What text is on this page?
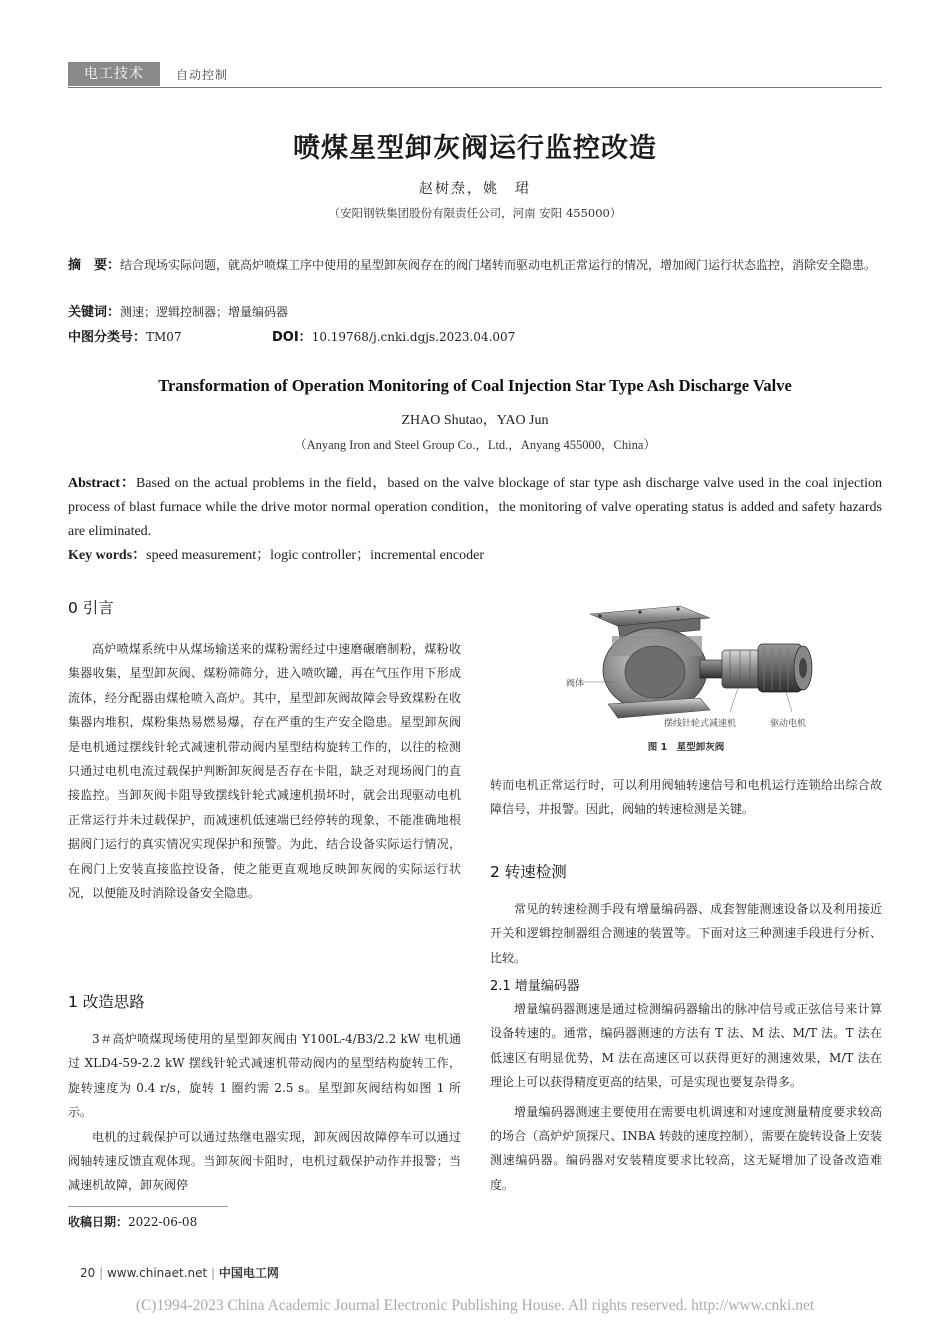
电工技术	自动控制
喷煤星型卸灰阀运行监控改造
赵树焘，姚　珺
（安阳钢铁集团股份有限责任公司，河南 安阳 455000）
摘　要：结合现场实际问题，就高炉喷煤工序中使用的星型卸灰阀存在的阀门堵转而驱动电机正常运行的情况，增加阀门运行状态监控，消除安全隐患。
关键词：测速；逻辑控制器；增量编码器
中图分类号：TM07	DOI：10.19768/j.cnki.dgjs.2023.04.007
Transformation of Operation Monitoring of Coal Injection Star Type Ash Discharge Valve
ZHAO Shutao，YAO Jun
（Anyang Iron and Steel Group Co.，Ltd.，Anyang 455000，China）
Abstract：Based on the actual problems in the field，based on the valve blockage of star type ash discharge valve used in the coal injection process of blast furnace while the drive motor normal operation condition，the monitoring of valve operating status is added and safety hazards are eliminated.
Key words：speed measurement；logic controller；incremental encoder
0 引言

高炉喷煤系统中从煤场输送来的煤粉需经过中速磨碾磨制粉，煤粉收集器收集，星型卸灰阀、煤粉筛筛分，进入喷吹罐，再在气压作用下形成流体，经分配器由煤枪喷入高炉。其中，星型卸灰阀故障会导致煤粉在收集器内堆积，煤粉集热易燃易爆，存在严重的生产安全隐患。星型卸灰阀是电机通过摆线针轮式减速机带动阀内星型结构旋转工作的，以往的检测只通过电机电流过载保护判断卸灰阀是否存在卡阻，缺乏对现场阀门的直接监控。当卸灰阀卡阻导致摆线针轮式减速机损坏时，就会出现驱动电机正常运行并未过载保护，而减速机低速端已经停转的现象，不能准确地根据阀门运行的真实情况实现保护和预警。为此，结合设备实际运行情况，在阀门上安装直接监控设备，使之能更直观地反映卸灰阀的实际运行状况，以便能及时消除设备安全隐患。

1 改造思路

3＃高炉喷煤现场使用的星型卸灰阀由 Y100L-4/B3/2.2 kW 电机通过 XLD4-59-2.2 kW 摆线针轮式减速机带动阀内的星型结构旋转工作，旋转速度为 0.4 r/s，旋转 1 圈约需 2.5 s。星型卸灰阀结构如图 1 所示。

电机的过载保护可以通过热继电器实现，卸灰阀因故障停车可以通过阀轴转速反馈直观体现。当卸灰阀卡阻时，电机过载保护动作并报警；当减速机故障，卸灰阀停

收稿日期：2022-06-08
阀体
摆线针轮式减速机	驱动电机
图 1　星型卸灰阀

转而电机正常运行时，可以利用阀轴转速信号和电机运行连锁给出综合故障信号，并报警。因此，阀轴的转速检测是关键。

2 转速检测

常见的转速检测手段有增量编码器、成套智能测速设备以及利用接近开关和逻辑控制器组合测速的装置等。下面对这三种测速手段进行分析、比较。

2.1 增量编码器

增量编码器测速是通过检测编码器输出的脉冲信号或正弦信号来计算设备转速的。通常，编码器测速的方法有 T 法、M 法、M/T 法。T 法在低速区有明显优势，M 法在高速区可以获得更好的测速效果，M/T 法在理论上可以获得精度更高的结果，可是实现也要复杂得多。

增量编码器测速主要使用在需要电机调速和对速度测量精度要求较高的场合（高炉炉顶探尺、INBA 转鼓的速度控制），需要在旋转设备上安装测速编码器。编码器对安装精度要求比较高，这无疑增加了设备改造难度。

20 | www.chinaet.net | 中国电工网
(C)1994-2023 China Academic Journal Electronic Publishing House. All rights reserved. http://www.cnki.net
